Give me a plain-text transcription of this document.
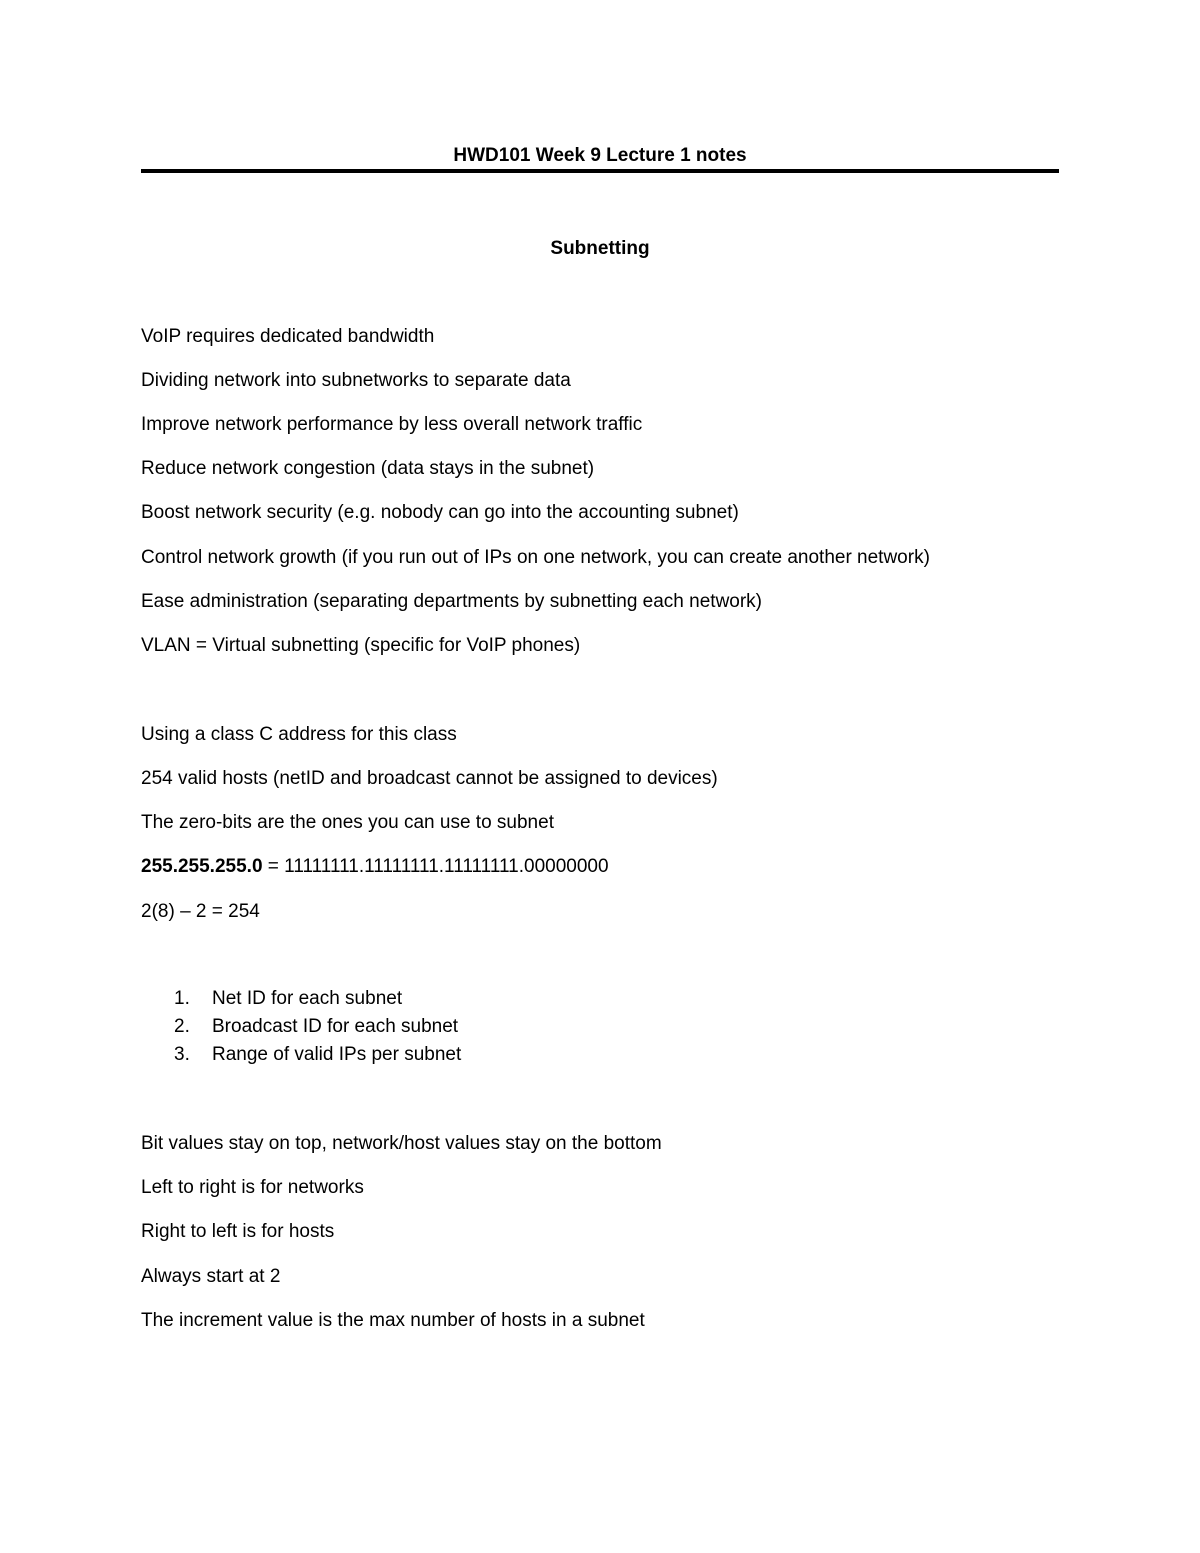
HWD101 Week 9 Lecture 1 notes
Subnetting
VoIP requires dedicated bandwidth
Dividing network into subnetworks to separate data
Improve network performance by less overall network traffic
Reduce network congestion (data stays in the subnet)
Boost network security (e.g. nobody can go into the accounting subnet)
Control network growth (if you run out of IPs on one network, you can create another network)
Ease administration (separating departments by subnetting each network)
VLAN = Virtual subnetting (specific for VoIP phones)
Using a class C address for this class
254 valid hosts (netID and broadcast cannot be assigned to devices)
The zero-bits are the ones you can use to subnet
255.255.255.0 = 11111111.11111111.11111111.00000000
2(8) – 2 = 254
1. Net ID for each subnet
2. Broadcast ID for each subnet
3. Range of valid IPs per subnet
Bit values stay on top, network/host values stay on the bottom
Left to right is for networks
Right to left is for hosts
Always start at 2
The increment value is the max number of hosts in a subnet
